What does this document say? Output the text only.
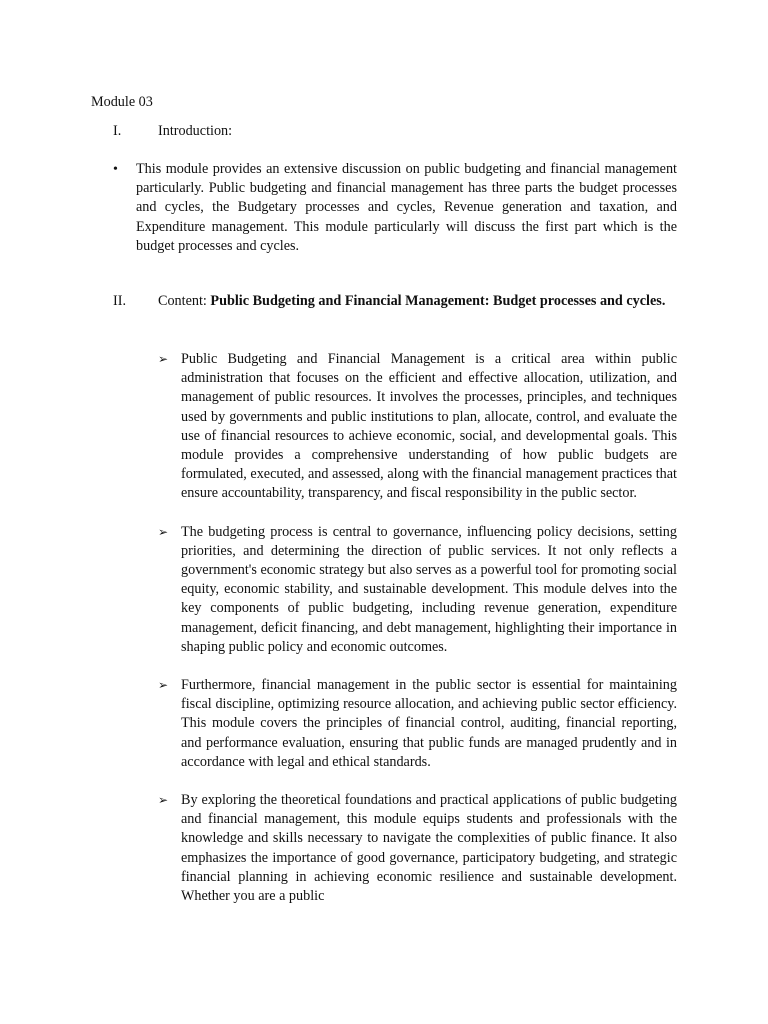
Module 03
I.	Introduction:
• This module provides an extensive discussion on public budgeting and financial management particularly. Public budgeting and financial management has three parts the budget processes and cycles, the Budgetary processes and cycles, Revenue generation and taxation, and Expenditure management. This module particularly will discuss the first part which is the budget processes and cycles.
II. Content: Public Budgeting and Financial Management: Budget processes and cycles.
➢ Public Budgeting and Financial Management is a critical area within public administration that focuses on the efficient and effective allocation, utilization, and management of public resources. It involves the processes, principles, and techniques used by governments and public institutions to plan, allocate, control, and evaluate the use of financial resources to achieve economic, social, and developmental goals. This module provides a comprehensive understanding of how public budgets are formulated, executed, and assessed, along with the financial management practices that ensure accountability, transparency, and fiscal responsibility in the public sector.
➢ The budgeting process is central to governance, influencing policy decisions, setting priorities, and determining the direction of public services. It not only reflects a government's economic strategy but also serves as a powerful tool for promoting social equity, economic stability, and sustainable development. This module delves into the key components of public budgeting, including revenue generation, expenditure management, deficit financing, and debt management, highlighting their importance in shaping public policy and economic outcomes.
➢ Furthermore, financial management in the public sector is essential for maintaining fiscal discipline, optimizing resource allocation, and achieving public sector efficiency. This module covers the principles of financial control, auditing, financial reporting, and performance evaluation, ensuring that public funds are managed prudently and in accordance with legal and ethical standards.
➢ By exploring the theoretical foundations and practical applications of public budgeting and financial management, this module equips students and professionals with the knowledge and skills necessary to navigate the complexities of public finance. It also emphasizes the importance of good governance, participatory budgeting, and strategic financial planning in achieving economic resilience and sustainable development. Whether you are a public
